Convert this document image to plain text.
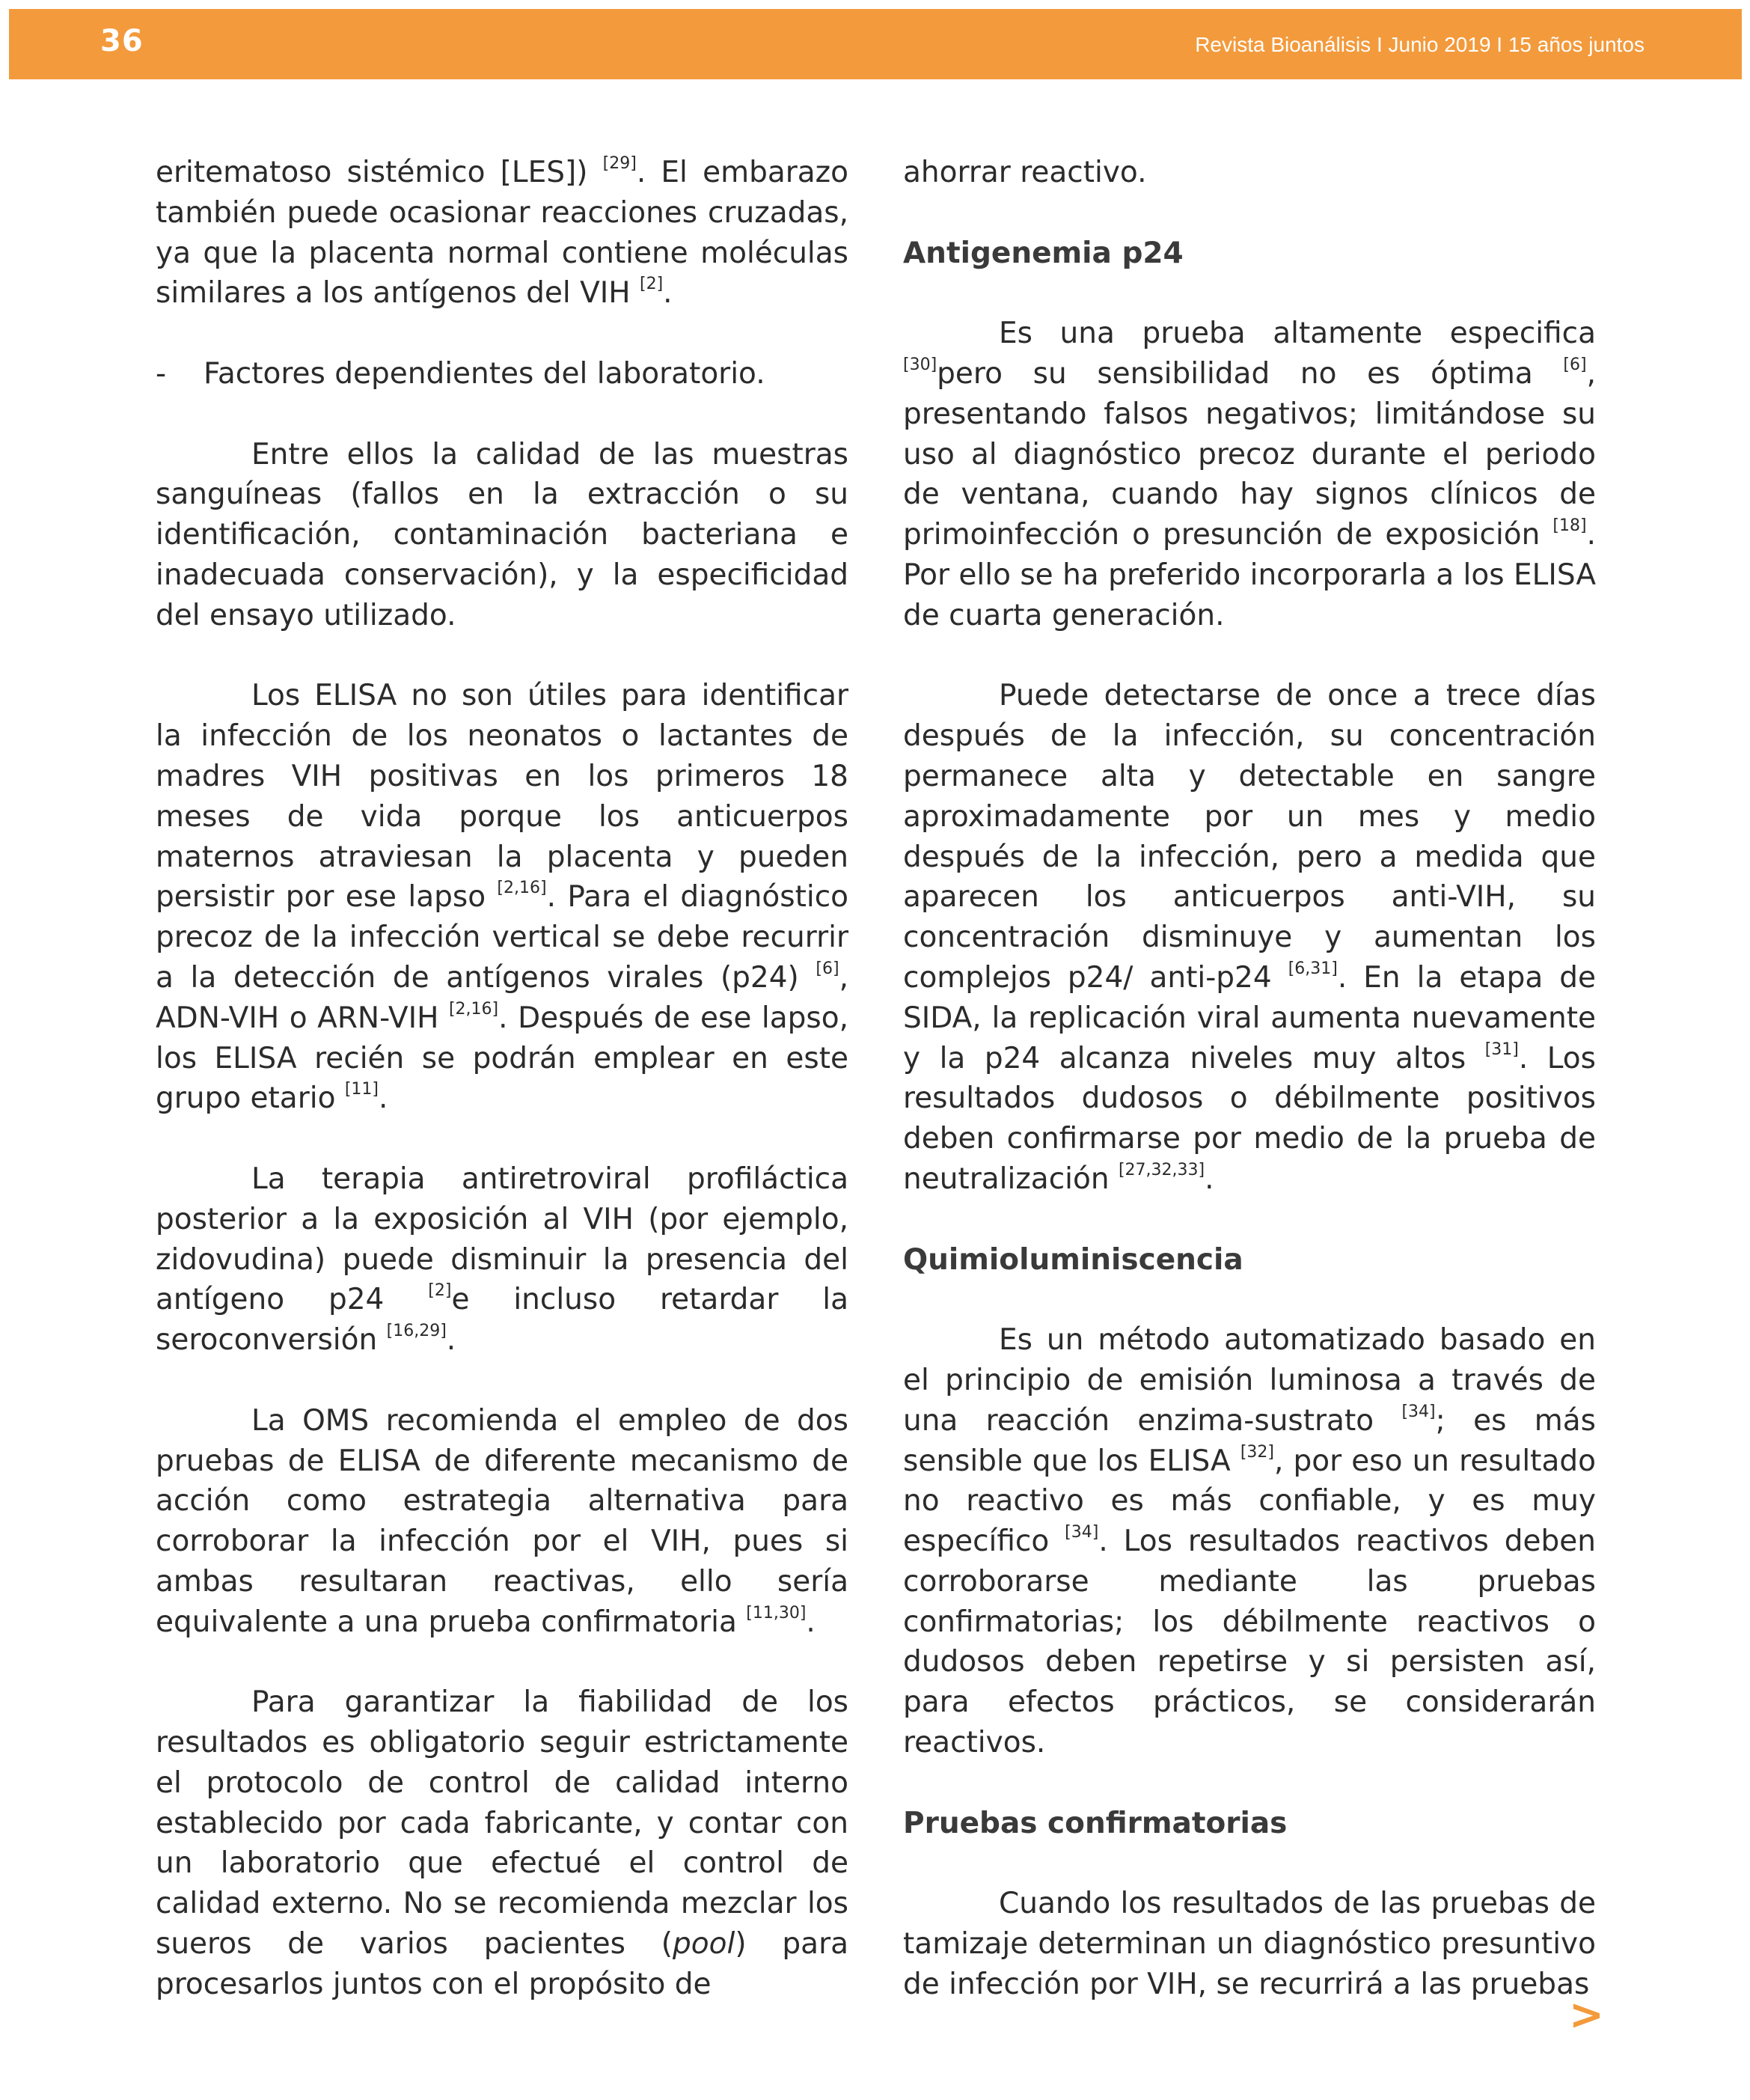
36	Revista Bioanálisis I Junio 2019 I 15 años juntos

eritematoso sistémico [LES]) [29]. El embarazo también puede ocasionar reacciones cruzadas, ya que la placenta normal contiene moléculas similares a los antígenos del VIH [2].

-	Factores dependientes del laboratorio.

Entre ellos la calidad de las muestras sanguíneas (fallos en la extracción o su identificación, contaminación bacteriana e inadecuada conservación), y la especificidad del ensayo utilizado.

Los ELISA no son útiles para identificar la infección de los neonatos o lactantes de madres VIH positivas en los primeros 18 meses de vida porque los anticuerpos maternos atraviesan la placenta y pueden persistir por ese lapso [2,16]. Para el diagnóstico precoz de la infección vertical se debe recurrir a la detección de antígenos virales (p24) [6], ADN-VIH o ARN-VIH [2,16]. Después de ese lapso, los ELISA recién se podrán emplear en este grupo etario [11].

La terapia antiretroviral profiláctica posterior a la exposición al VIH (por ejemplo, zidovudina) puede disminuir la presencia del antígeno p24	[2]e incluso retardar la seroconversión [16,29].

La OMS recomienda el empleo de dos pruebas de ELISA de diferente mecanismo de acción como estrategia alternativa para corroborar la infección por el VIH, pues si ambas resultaran reactivas, ello sería equivalente a una prueba confirmatoria [11,30].

Para garantizar la fiabilidad de los resultados es obligatorio seguir estrictamente el protocolo de control de calidad interno establecido por cada fabricante, y contar con un laboratorio que efectué el control de calidad externo. No se recomienda mezclar los sueros de varios pacientes (pool) para procesarlos juntos con el propósito de

ahorrar reactivo.

Antigenemia p24

Es una prueba altamente especifica [30]pero su sensibilidad no es óptima [6], presentando falsos negativos; limitándose su uso al diagnóstico precoz durante el periodo de ventana, cuando hay signos clínicos de primoinfección o presunción de exposición [18]. Por ello se ha preferido incorporarla a los ELISA de cuarta generación.

Puede detectarse de once a trece días después de la infección, su concentración permanece alta y detectable en sangre aproximadamente por un mes y medio después de la infección, pero a medida que aparecen los anticuerpos anti-VIH, su concentración disminuye y aumentan los complejos p24/ anti-p24 [6,31]. En la etapa de SIDA, la replicación viral aumenta nuevamente y la p24 alcanza niveles muy altos [31]. Los resultados dudosos o débilmente positivos deben confirmarse por medio de la prueba de neutralización [27,32,33].

Quimioluminiscencia

Es un método automatizado basado en el principio de emisión luminosa a través de una reacción enzima-sustrato [34]; es más sensible que los ELISA [32], por eso un resultado no reactivo es más confiable, y es muy específico [34]. Los resultados reactivos deben corroborarse mediante las pruebas confirmatorias; los débilmente reactivos o dudosos deben repetirse y si persisten así, para efectos prácticos, se considerarán reactivos.

Pruebas confirmatorias

Cuando los resultados de las pruebas de tamizaje determinan un diagnóstico presuntivo de infección por VIH, se recurrirá a las pruebas

>
